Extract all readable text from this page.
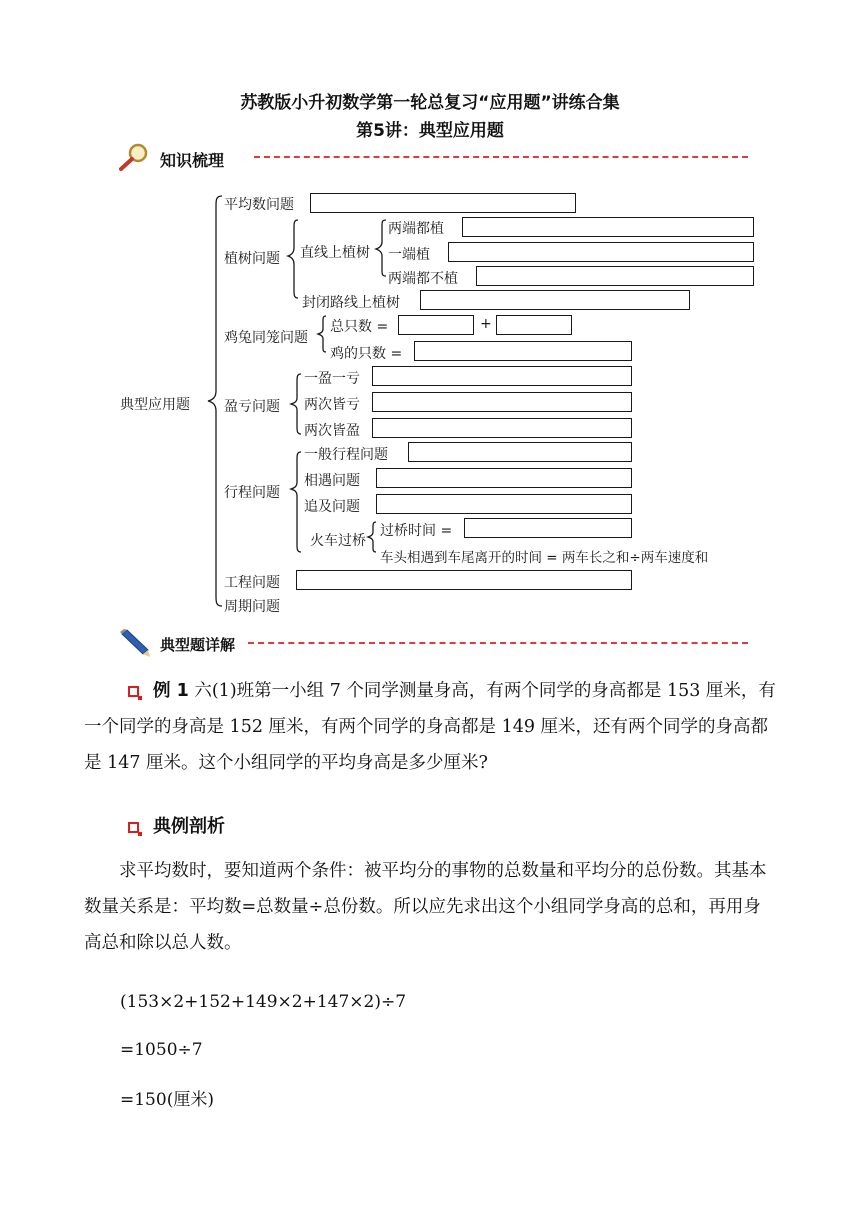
苏教版小升初数学第一轮总复习“应用题”讲练合集
第5讲：典型应用题
知识梳理
典型应用题
平均数问题
植树问题 直线上植树
两端都植
一端植
两端都不植
封闭路线上植树
鸡兔同笼问题
总只数 =	+
鸡的只数 =
盈亏问题
一盈一亏
两次皆亏
两次皆盈
行程问题
一般行程问题
相遇问题
追及问题
火车过桥
过桥时间 =
车头相遇到车尾离开的时间 = 两车长之和÷两车速度和
工程问题
周期问题
典型题详解
例 1 六(1)班第一小组 7 个同学测量身高，有两个同学的身高都是 153 厘米，有一个同学的身高是 152 厘米，有两个同学的身高都是 149 厘米，还有两个同学的身高都是 147 厘米。这个小组同学的平均身高是多少厘米?
典例剖析
求平均数时，要知道两个条件：被平均分的事物的总数量和平均分的总份数。其基本数量关系是：平均数=总数量÷总份数。所以应先求出这个小组同学身高的总和，再用身高总和除以总人数。
(153×2+152+149×2+147×2)÷7
=1050÷7
=150(厘米)
